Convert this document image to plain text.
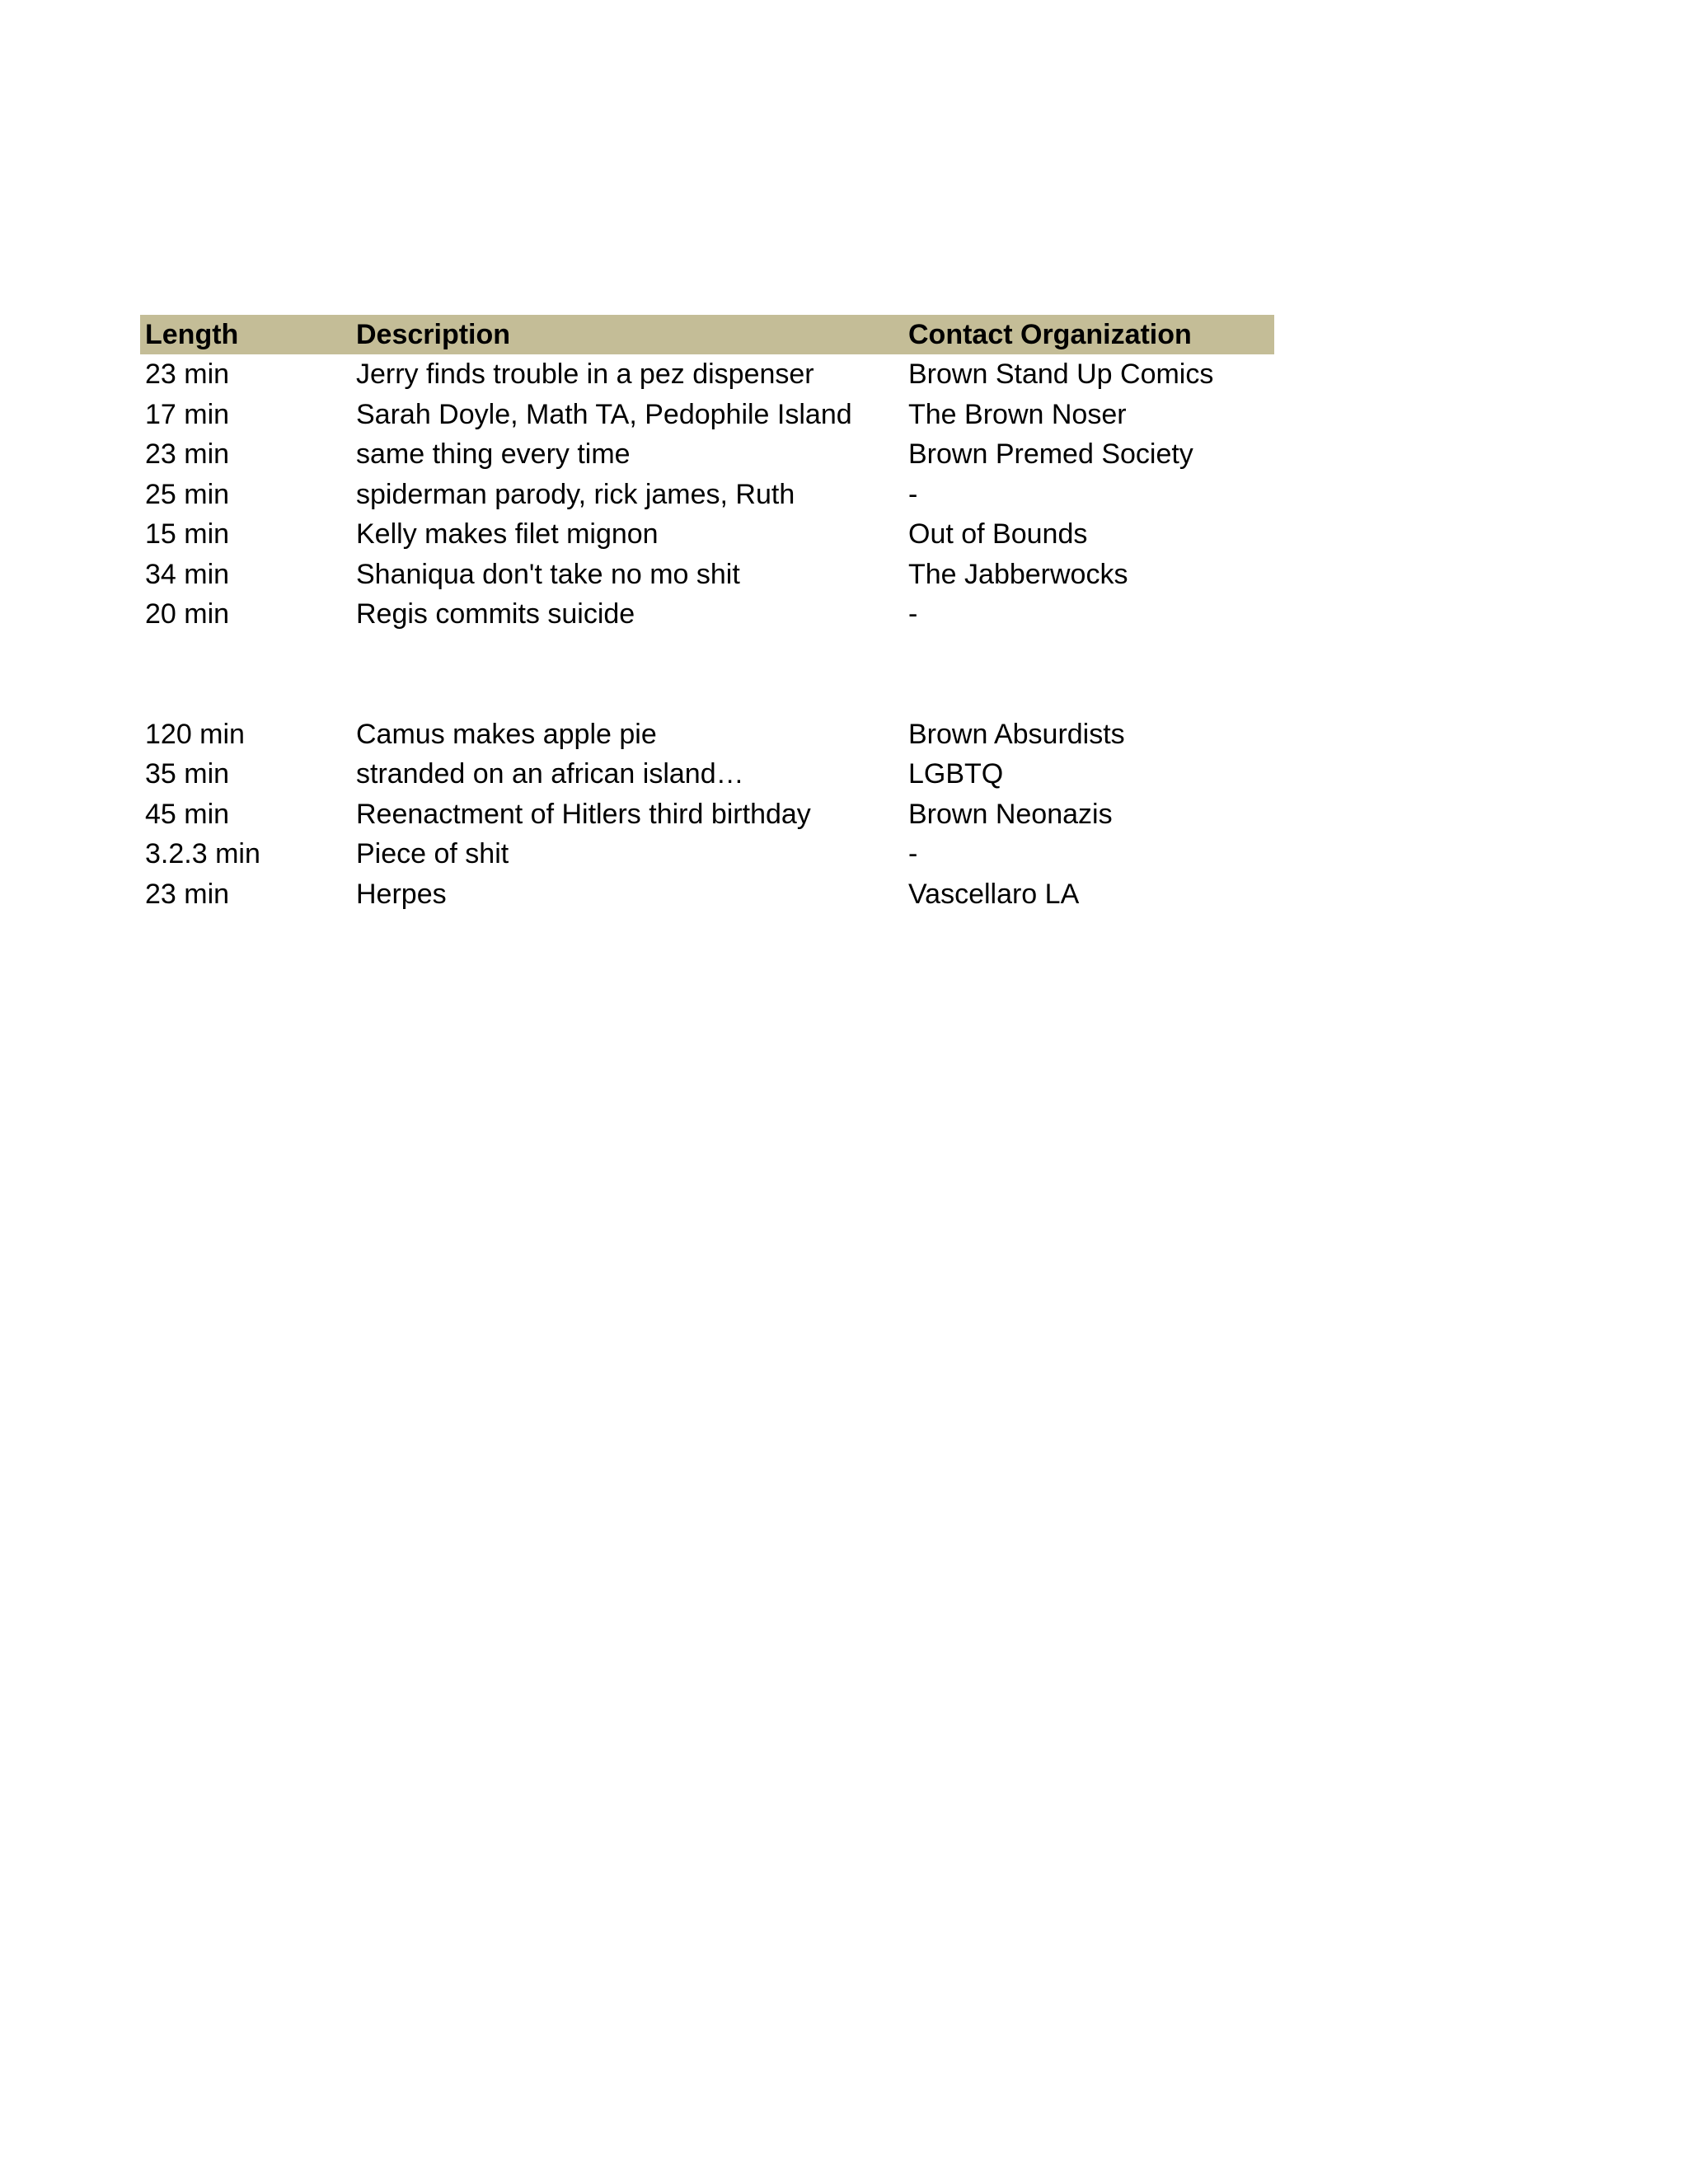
Length	Description	Contact Organization
23 min	Jerry finds trouble in a pez dispenser	Brown Stand Up Comics
17 min	Sarah Doyle, Math TA, Pedophile Island	The Brown Noser
23 min	same thing every time	Brown Premed Society
25 min	spiderman parody, rick james, Ruth	-
15 min	Kelly makes filet mignon	Out of Bounds
34 min	Shaniqua don't take no mo shit	The Jabberwocks
20 min	Regis commits suicide	-
120 min	Camus makes apple pie	Brown Absurdists
35 min	stranded on an african island…	LGBTQ
45 min	Reenactment of Hitlers third birthday	Brown Neonazis
3.2.3 min	Piece of shit	-
23 min	Herpes	Vascellaro LA
